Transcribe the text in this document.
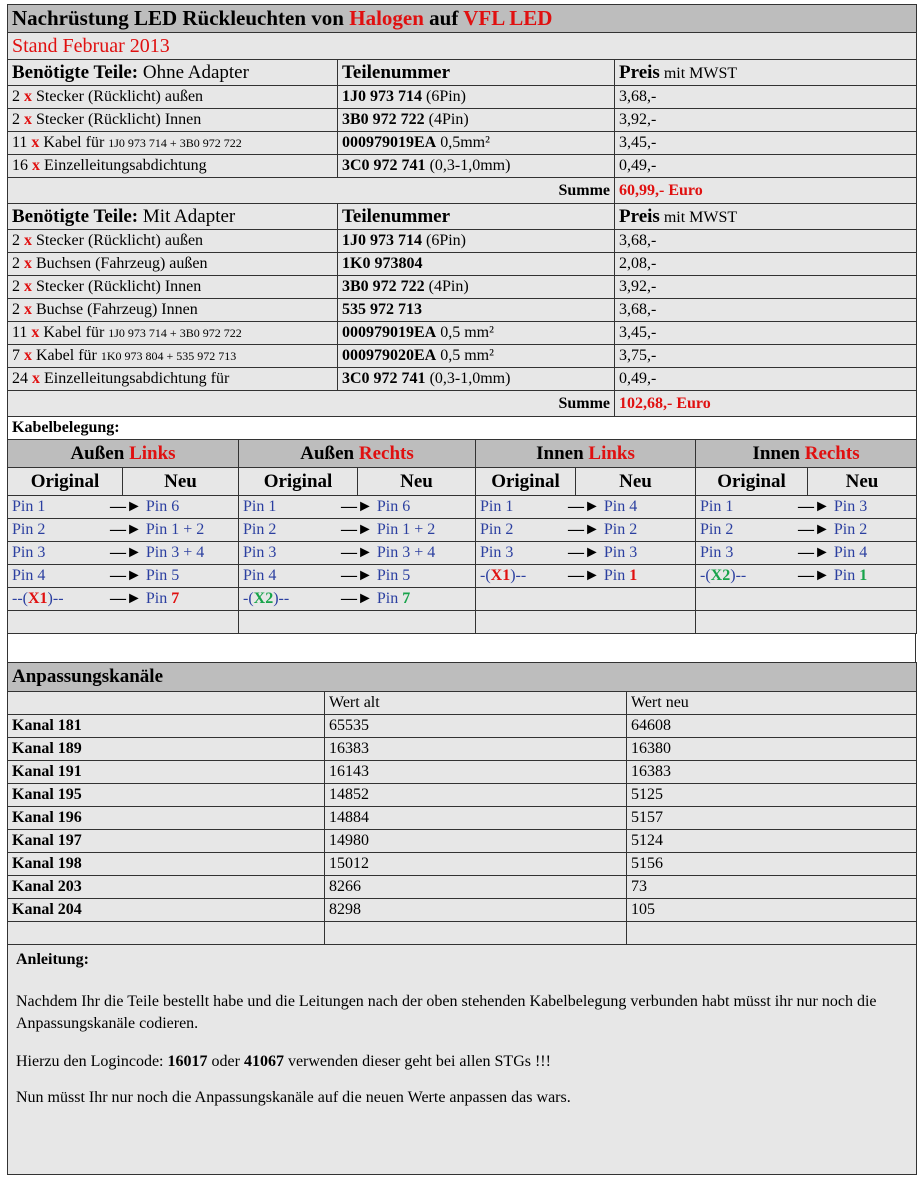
Nachrüstung LED Rückleuchten von Halogen auf VFL LED		
Stand Februar 2013		
Benötigte Teile: Ohne Adapter	Teilenummer	Preis mit MWST
2 x Stecker (Rücklicht) außen	1J0 973 714 (6Pin)	3,68,-
2 x Stecker (Rücklicht) Innen	3B0 972 722 (4Pin)	3,92,-
11 x Kabel für 1J0 973 714 + 3B0 972 722	000979019EA 0,5mm²	3,45,-
16 x Einzelleitungsabdichtung	3C0 972 741 (0,3-1,0mm)	0,49,-
	Summe	60,99,- Euro
Benötigte Teile: Mit Adapter	Teilenummer	Preis mit MWST
2 x Stecker (Rücklicht) außen	1J0 973 714 (6Pin)	3,68,-
2 x Buchsen (Fahrzeug) außen	1K0 973804	2,08,-
2 x Stecker (Rücklicht) Innen	3B0 972 722 (4Pin)	3,92,-
2 x Buchse (Fahrzeug) Innen	535 972 713	3,68,-
11 x Kabel für 1J0 973 714 + 3B0 972 722	000979019EA 0,5 mm²	3,45,-
7 x Kabel für 1K0 973 804 + 535 972 713	000979020EA 0,5 mm²	3,75,-
24 x Einzelleitungsabdichtung für	3C0 972 741 (0,3-1,0mm)	0,49,-
	Summe	102,68,- Euro
Kabelbelegung:		
Außen Links		Außen Rechts		Innen Links		Innen Rechts	
Original	Neu	Original	Neu	Original	Neu	Original	Neu
Pin 1 —► Pin 6		Pin 1 —► Pin 6		Pin 1 —► Pin 4		Pin 1 —► Pin 3	
Pin 2 —► Pin 1 + 2		Pin 2 —► Pin 1 + 2		Pin 2 —► Pin 2		Pin 2 —► Pin 2	
Pin 3 —► Pin 3 + 4		Pin 3 —► Pin 3 + 4		Pin 3 —► Pin 3		Pin 3 —► Pin 4	
Pin 4 —► Pin 5		Pin 4 —► Pin 5		-(X1)-- —► Pin 1		-(X2)-- —► Pin 1	
--(X1)-- —► Pin 7		-(X2)-- —► Pin 7					

Anpassungskanäle		
	Wert alt	Wert neu
Kanal 181	65535	64608
Kanal 189	16383	16380
Kanal 191	16143	16383
Kanal 195	14852	5125
Kanal 196	14884	5157
Kanal 197	14980	5124
Kanal 198	15012	5156
Kanal 203	8266	73
Kanal 204	8298	105

Anleitung:
Nachdem Ihr die Teile bestellt habe und die Leitungen nach der oben stehenden Kabelbelegung verbunden habt müsst ihr nur noch die Anpassungskanäle codieren.
Hierzu den Logincode: 16017 oder 41067 verwenden dieser geht bei allen STGs !!!
Nun müsst Ihr nur noch die Anpassungskanäle auf die neuen Werte anpassen das wars.		
